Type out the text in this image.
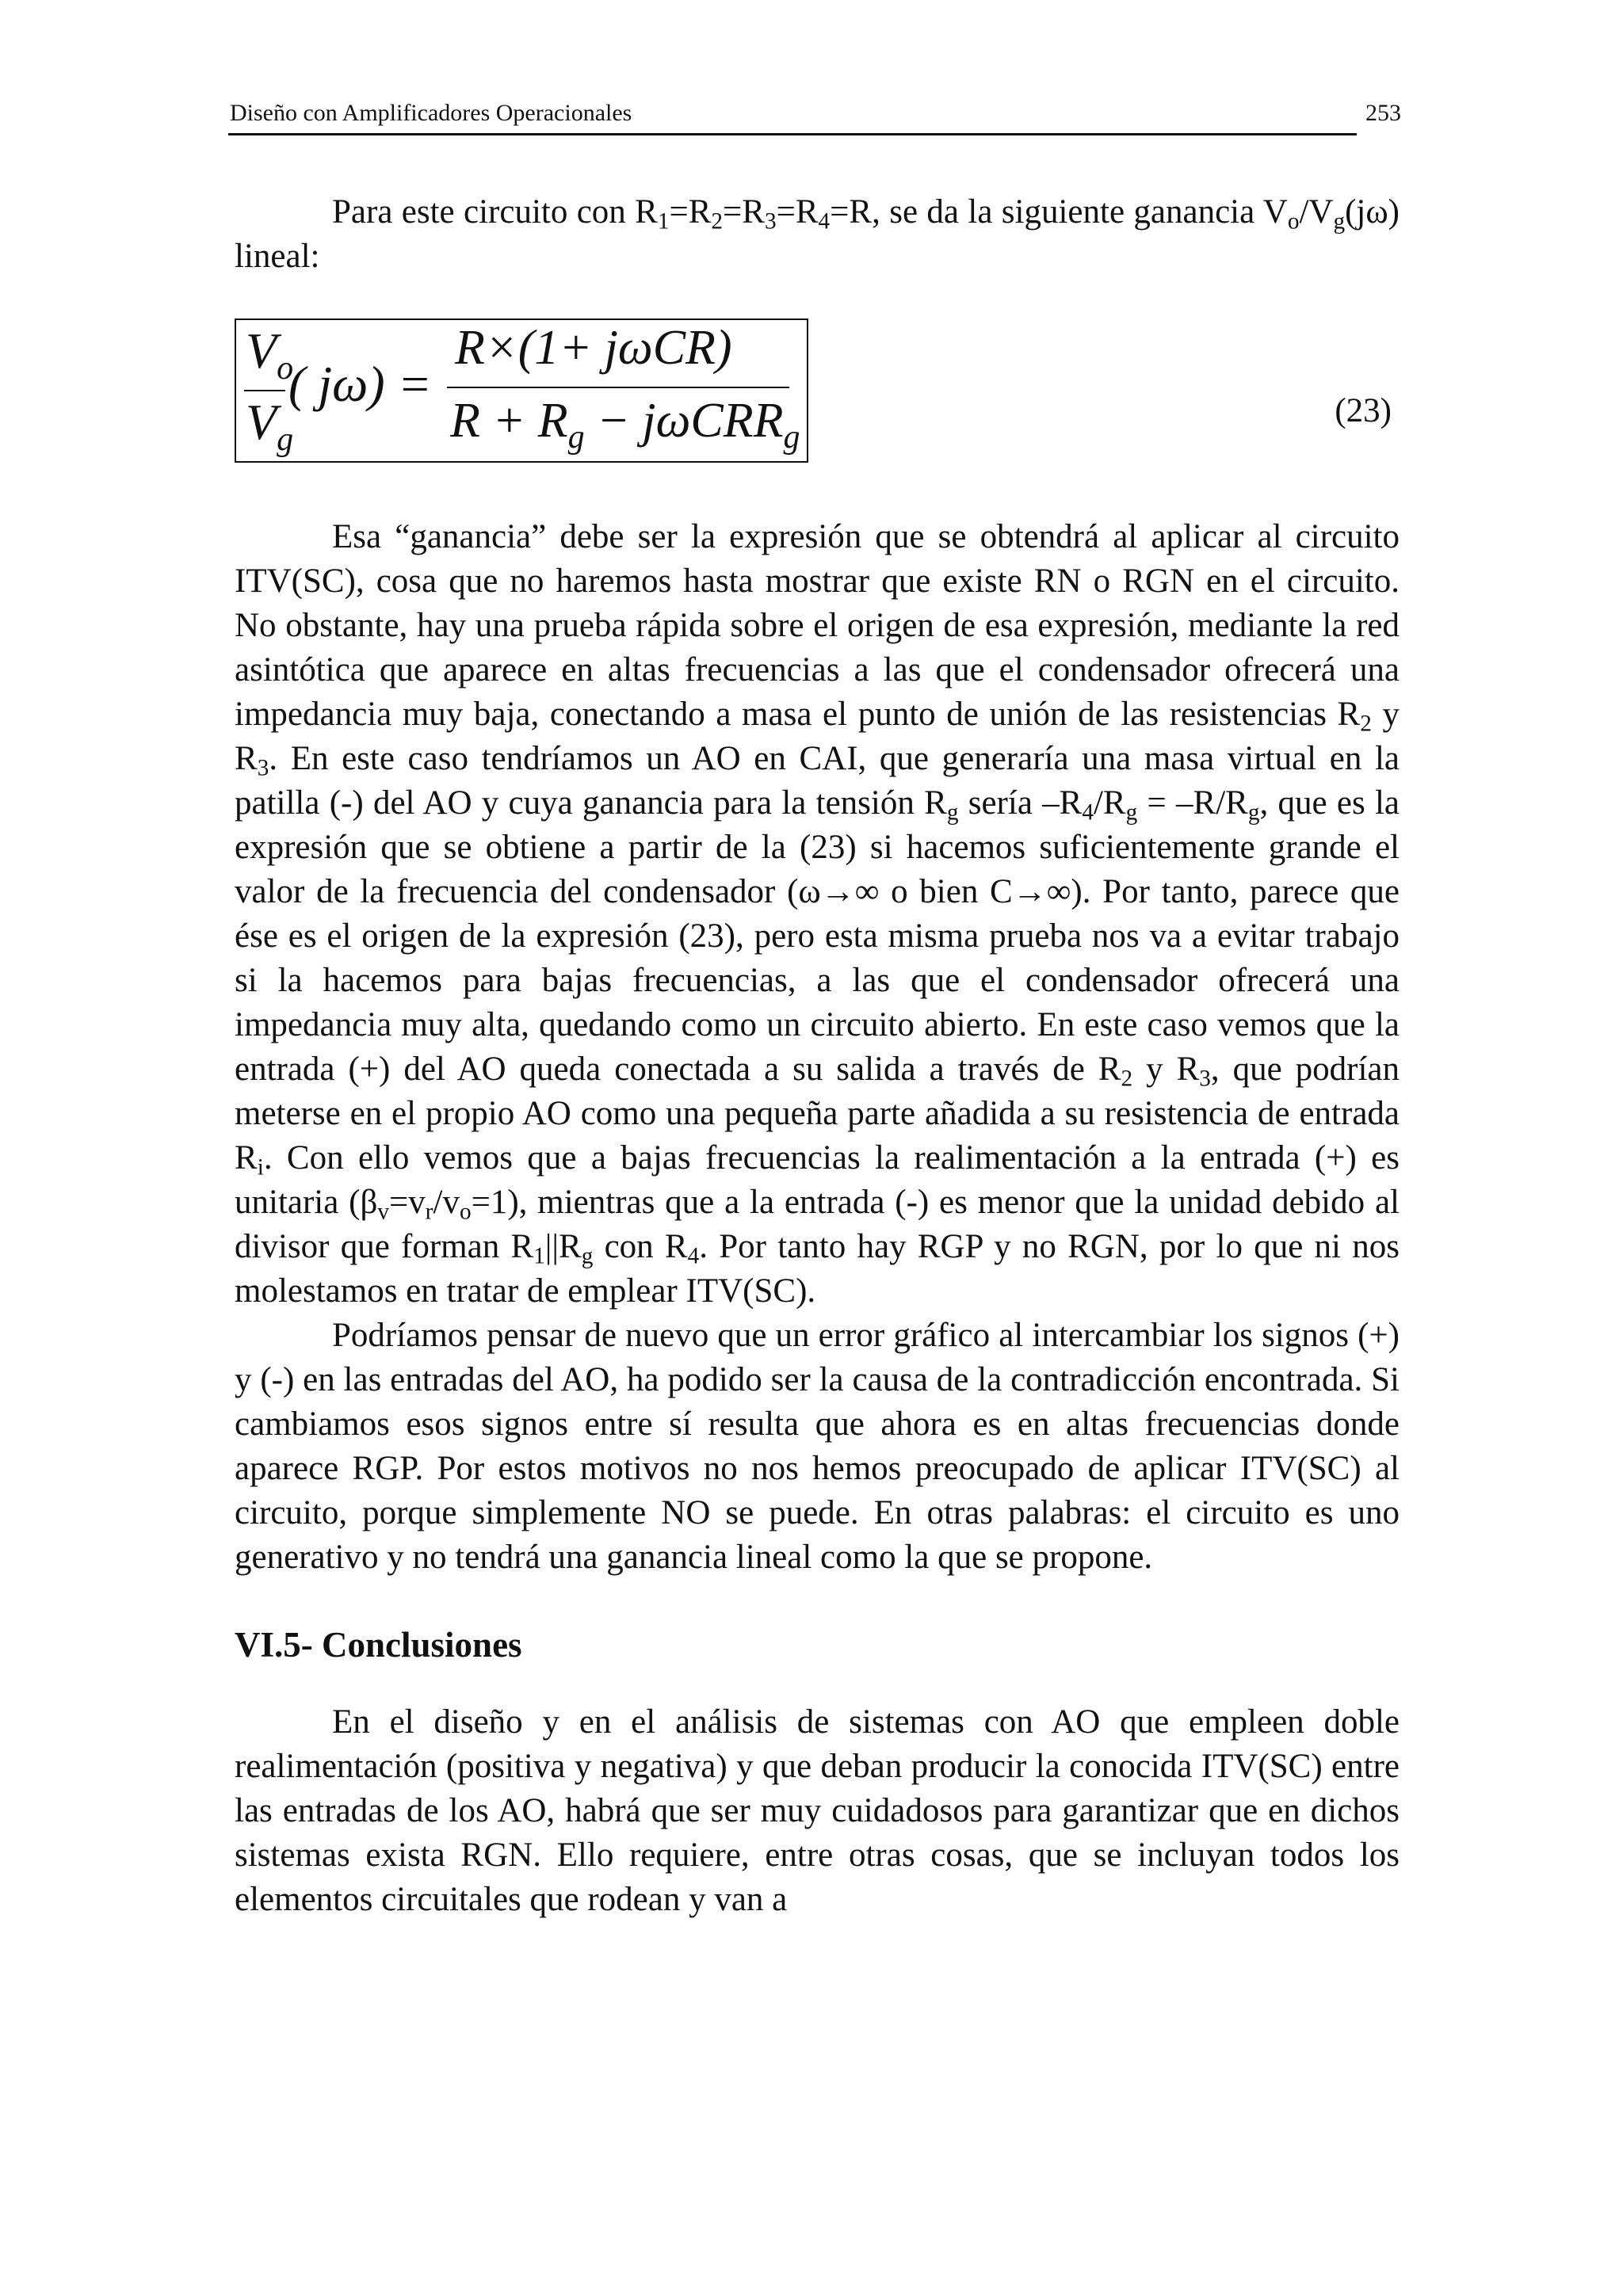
Diseño con Amplificadores Operacionales	253

Para este circuito con $R_1=R_2=R_3=R_4=R$, se da la siguiente ganancia $V_o/V_g(j\omega)$ lineal:

$V_o$
$V_g$
( jω) =
R×(1+ jωCR)
$R + R_g - j\omega CRR_g$
(23)

Esa “ganancia” debe ser la expresión que se obtendrá al aplicar al circuito ITV(SC), cosa que no haremos hasta mostrar que existe RN o RGN en el circuito. No obstante, hay una prueba rápida sobre el origen de esa expresión, mediante la red asintótica que aparece en altas frecuencias a las que el condensador ofrecerá una impedancia muy baja, conectando a masa el punto de unión de las resistencias $R_2$ y $R_3$. En este caso tendríamos un AO en CAI, que generaría una masa virtual en la patilla (-) del AO y cuya ganancia para la tensión $R_g$ sería $-R_4/R_g = -R/R_g$, que es la expresión que se obtiene a partir de la (23) si hacemos suficientemente grande el valor de la frecuencia del condensador (ω→∞ o bien C→∞). Por tanto, parece que ése es el origen de la expresión (23), pero esta misma prueba nos va a evitar trabajo si la hacemos para bajas frecuencias, a las que el condensador ofrecerá una impedancia muy alta, quedando como un circuito abierto. En este caso vemos que la entrada (+) del AO queda conectada a su salida a través de $R_2$ y $R_3$, que podrían meterse en el propio AO como una pequeña parte añadida a su resistencia de entrada $R_i$. Con ello vemos que a bajas frecuencias la realimentación a la entrada (+) es unitaria $(\beta_v=v_r/v_o=1)$, mientras que a la entrada (-) es menor que la unidad debido al divisor que forman $R_1||R_g$ con $R_4$. Por tanto hay RGP y no RGN, por lo que ni nos molestamos en tratar de emplear ITV(SC).

Podríamos pensar de nuevo que un error gráfico al intercambiar los signos (+) y (-) en las entradas del AO, ha podido ser la causa de la contradicción encontrada. Si cambiamos esos signos entre sí resulta que ahora es en altas frecuencias donde aparece RGP. Por estos motivos no nos hemos preocupado de aplicar ITV(SC) al circuito, porque simplemente NO se puede. En otras palabras: el circuito es uno generativo y no tendrá una ganancia lineal como la que se propone.

VI.5- Conclusiones

En el diseño y en el análisis de sistemas con AO que empleen doble realimentación (positiva y negativa) y que deban producir la conocida ITV(SC) entre las entradas de los AO, habrá que ser muy cuidadosos para garantizar que en dichos sistemas exista RGN. Ello requiere, entre otras cosas, que se incluyan todos los elementos circuitales que rodean y van a
